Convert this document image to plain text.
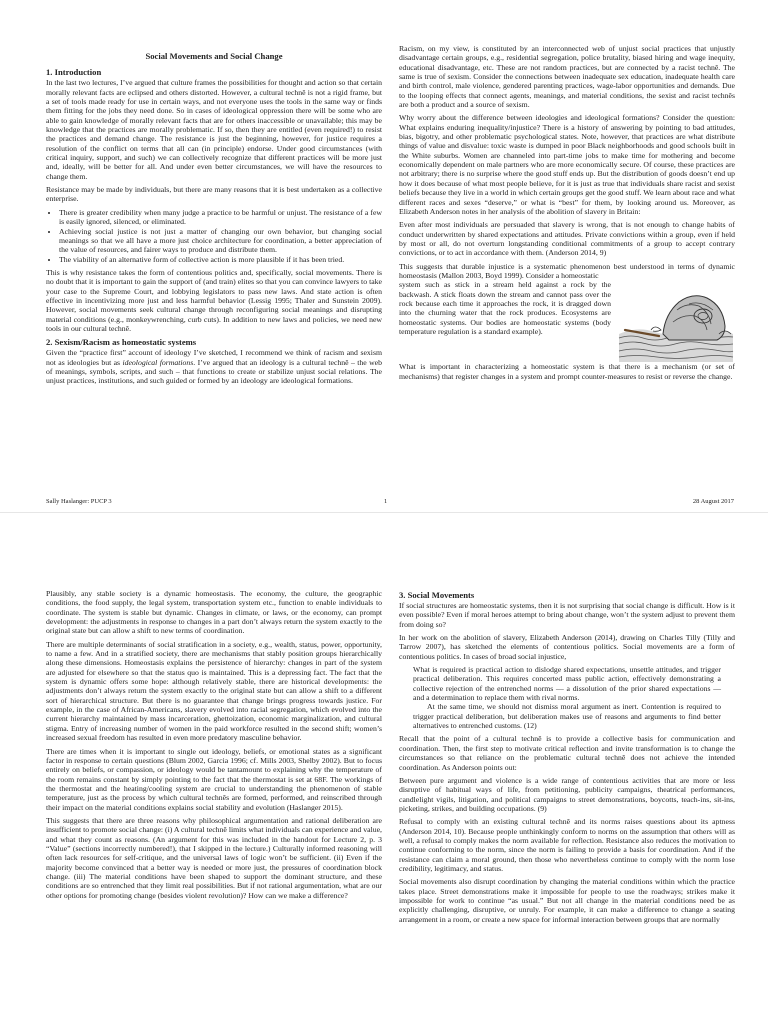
Social Movements and Social Change
1. Introduction

In the last two lectures, I’ve argued that culture frames the possibilities for thought and action so that certain morally relevant facts are eclipsed and others distorted. However, a cultural technê is not a rigid frame, but a set of tools made ready for use in certain ways, and not everyone uses the tools in the same way or finds them fitting for the jobs they need done. So in cases of ideological oppression there will be some who are able to gain knowledge of morally relevant facts that are for others inaccessible or unavailable; this may be knowledge that the practices are morally problematic. If so, then they are entitled (even required!) to resist the practices and demand change. The resistance is just the beginning, however, for justice requires a resolution of the conflict on terms that all can (in principle) endorse. Under good circumstances (with critical inquiry, support, and such) we can collectively recognize that different practices will be more just and, ideally, will be better for all. And under even better circumstances, we will have the resources to change them.

Resistance may be made by individuals, but there are many reasons that it is best undertaken as a collective enterprise.

• There is greater credibility when many judge a practice to be harmful or unjust. The resistance of a few is easily ignored, silenced, or eliminated.
• Achieving social justice is not just a matter of changing our own behavior, but changing social meanings so that we all have a more just choice architecture for coordination, a better appreciation of the value of resources, and fairer ways to produce and distribute them.
• The viability of an alternative form of collective action is more plausible if it has been tried.

This is why resistance takes the form of contentious politics and, specifically, social movements. There is no doubt that it is important to gain the support of (and train) elites so that you can convince lawyers to take your case to the Supreme Court, and lobbying legislators to pass new laws. And state action is often effective in incentivizing more just and less harmful behavior (Lessig 1995; Thaler and Sunstein 2009). However, social movements seek cultural change through reconfiguring social meanings and disrupting material conditions (e.g., monkeywrenching, curb cuts). In addition to new laws and policies, we need new tools in our cultural technê.

2. Sexism/Racism as homeostatic systems

Given the “practice first” account of ideology I’ve sketched, I recommend we think of racism and sexism not as ideologies but as ideological formations. I’ve argued that an ideology is a cultural technê – the web of meanings, symbols, scripts, and such – that functions to create or stabilize unjust social relations. The unjust practices, institutions, and such guided or formed by an ideology are ideological formations.

Racism, on my view, is constituted by an interconnected web of unjust social practices that unjustly disadvantage certain groups, e.g., residential segregation, police brutality, biased hiring and wage inequity, educational disadvantage, etc. These are not random practices, but are connected by a racist technê. The same is true of sexism. Consider the connections between inadequate sex education, inadequate health care and birth control, male violence, gendered parenting practices, wage-labor opportunities and demands. Due to the looping effects that connect agents, meanings, and material conditions, the sexist and racist technês are both a product and a source of sexism.

Why worry about the difference between ideologies and ideological formations? Consider the question: What explains enduring inequality/injustice? There is a history of answering by pointing to bad attitudes, bias, bigotry, and other problematic psychological states. Note, however, that practices are what distribute things of value and disvalue: toxic waste is dumped in poor Black neighborhoods and good schools built in the White suburbs. Women are channeled into part-time jobs to make time for mothering and become economically dependent on male partners who are more economically secure. Of course, these practices are not arbitrary; there is no surprise where the good stuff ends up. But the distribution of goods doesn’t end up how it does because of what most people believe, for it is just as true that individuals share racist and sexist beliefs because they live in a world in which certain groups get the good stuff. We learn about race and what different races and sexes “deserve,” or what is “best” for them, by looking around us. Moreover, as Elizabeth Anderson notes in her analysis of the abolition of slavery in Britain:

Even after most individuals are persuaded that slavery is wrong, that is not enough to change habits of conduct underwritten by shared expectations and attitudes. Private convictions within a group, even if held by most or all, do not overturn longstanding conditional commitments of a group to accept contrary convictions, or to act in accordance with them. (Anderson 2014, 9)

This suggests that durable injustice is a systematic phenomenon best understood in terms of dynamic homeostasis (Mallon 2003, Boyd 1999). Consider a homeostatic

system such as stick in a stream held against a rock by the backwash. A stick floats down the stream and cannot pass over the rock because each time it approaches the rock, it is dragged down into the churning water that the rock produces. Ecosystems are homeostatic systems. Our bodies are homeostatic systems (body temperature regulation is a standard example).

What is important in characterizing a homeostatic system is that there is a mechanism (or set of mechanisms) that register changes in a system and prompt counter-measures to resist or reverse the change.

Sally Haslanger: PUCP 3	1	28 August 2017

Plausibly, any stable society is a dynamic homeostasis. The economy, the culture, the geographic conditions, the food supply, the legal system, transportation system etc., function to enable individuals to coordinate. The system is stable but dynamic. Changes in climate, or laws, or the economy, can prompt development: the adjustments in response to changes in a part don’t always return the system exactly to the original state but can allow a shift to new terms of coordination.

There are multiple determinants of social stratification in a society, e.g., wealth, status, power, opportunity, to name a few. And in a stratified society, there are mechanisms that stably position groups hierarchically along these dimensions. Homeostasis explains the persistence of hierarchy: changes in part of the system are adjusted for elsewhere so that the status quo is maintained. This is a depressing fact. The fact that the system is dynamic offers some hope: although relatively stable, there are historical developments: the adjustments don’t always return the system exactly to the original state but can allow a shift to a different sort of hierarchical structure. But there is no guarantee that change brings progress towards justice. For example, in the case of African-Americans, slavery evolved into racial segregation, which evolved into the current hierarchy maintained by mass incarceration, ghettoization, economic marginalization, and cultural stigma. Entry of increasing number of women in the paid workforce resulted in the second shift; women’s increased sexual freedom has resulted in even more predatory masculine behavior.

There are times when it is important to single out ideology, beliefs, or emotional states as a significant factor in response to certain questions (Blum 2002, Garcia 1996; cf. Mills 2003, Shelby 2002). But to focus entirely on beliefs, or compassion, or ideology would be tantamount to explaining why the temperature of the room remains constant by simply pointing to the fact that the thermostat is set at 68F. The workings of the thermostat and the heating/cooling system are crucial to understanding the phenomenon of stable temperature, just as the process by which cultural technês are formed, performed, and reinscribed through their impact on the material conditions explains social stability and evolution (Haslanger 2015).

This suggests that there are three reasons why philosophical argumentation and rational deliberation are insufficient to promote social change: (i) A cultural technê limits what individuals can experience and value, and what they count as reasons. (An argument for this was included in the handout for Lecture 2, p. 3 “Value” (sections incorrectly numbered!), that I skipped in the lecture.) Culturally informed reasoning will often lack resources for self-critique, and the universal laws of logic won’t be sufficient. (ii) Even if the majority become convinced that a better way is needed or more just, the pressures of coordination block change. (iii) The material conditions have been shaped to support the dominant structure, and these conditions are so entrenched that they limit real possibilities. But if not rational argumentation, what are our other options for promoting change (besides violent revolution)? How can we make a difference?

3. Social Movements

If social structures are homeostatic systems, then it is not surprising that social change is difficult. How is it even possible? Even if moral heroes attempt to bring about change, won’t the system adjust to prevent them from doing so?

In her work on the abolition of slavery, Elizabeth Anderson (2014), drawing on Charles Tilly (Tilly and Tarrow 2007), has sketched the elements of contentious politics. Social movements are a form of contentious politics. In cases of broad social injustice,

What is required is practical action to dislodge shared expectations, unsettle attitudes, and trigger practical deliberation. This requires concerted mass public action, effectively demonstrating a collective rejection of the entrenched norms — a dissolution of the prior shared expectations — and a determination to replace them with rival norms.

At the same time, we should not dismiss moral argument as inert. Contention is required to trigger practical deliberation, but deliberation makes use of reasons and arguments to find better alternatives to entrenched customs. (12)

Recall that the point of a cultural technê is to provide a collective basis for communication and coordination. Then, the first step to motivate critical reflection and invite transformation is to change the circumstances so that reliance on the problematic cultural technê does not achieve the intended coordination. As Anderson points out:

Between pure argument and violence is a wide range of contentious activities that are more or less disruptive of habitual ways of life, from petitioning, publicity campaigns, theatrical performances, candlelight vigils, litigation, and political campaigns to street demonstrations, boycotts, teach-ins, sit-ins, picketing, strikes, and building occupations. (9)

Refusal to comply with an existing cultural technê and its norms raises questions about its aptness (Anderson 2014, 10). Because people unthinkingly conform to norms on the assumption that others will as well, a refusal to comply makes the norm available for reflection. Resistance also reduces the motivation to continue conforming to the norm, since the norm is failing to provide a basis for coordination. And if the resistance can claim a moral ground, then those who nevertheless continue to comply with the norm lose credibility, legitimacy, and status.

Social movements also disrupt coordination by changing the material conditions within which the practice takes place. Street demonstrations make it impossible for people to use the roadways; strikes make it impossible for work to continue “as usual.” But not all change in the material conditions need be as explicitly challenging, disruptive, or unruly. For example, it can make a difference to change a seating arrangement in a room, or create a new space for informal interaction between groups that are normally
